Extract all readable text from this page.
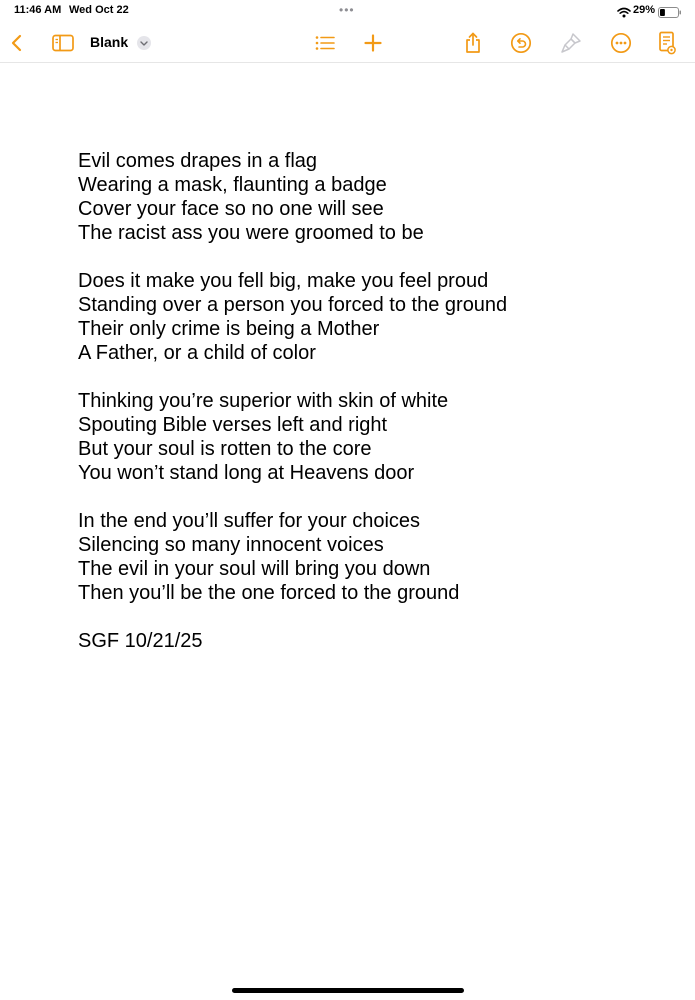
11:46 AM Wed Oct 22	•••	29%
Blank
Evil comes drapes in a flag
Wearing a mask, flaunting a badge
Cover your face so no one will see
The racist ass you were groomed to be
Does it make you fell big, make you feel proud
Standing over a person you forced to the ground
Their only crime is being a Mother
A Father, or a child of color
Thinking you’re superior with skin of white
Spouting Bible verses left and right
But your soul is rotten to the core
You won’t stand long at Heavens door
In the end you’ll suffer for your choices
Silencing so many innocent voices
The evil in your soul will bring you down
Then you’ll be the one forced to the ground
SGF 10/21/25
